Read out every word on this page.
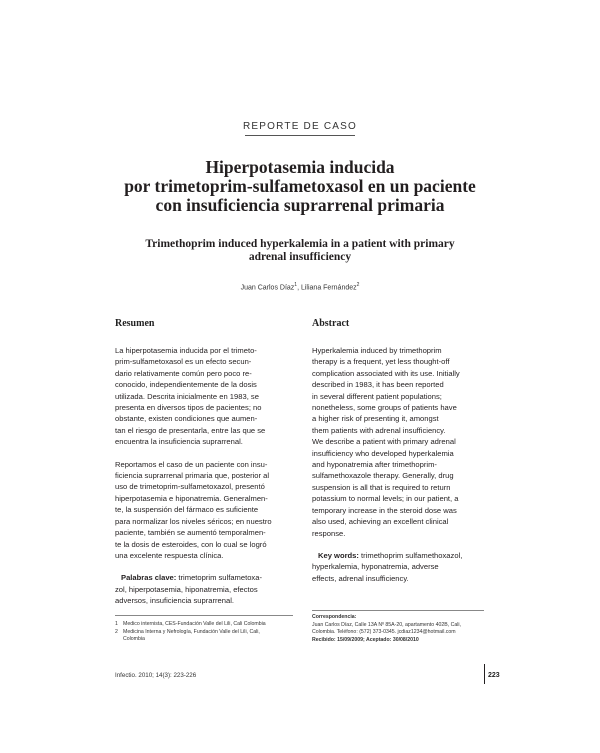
REPORTE DE CASO
Hiperpotasemia inducida
por trimetoprim-sulfametoxasol en un paciente
con insuficiencia suprarrenal primaria
Trimethoprim induced hyperkalemia in a patient with primary
adrenal insufficiency
Juan Carlos Díaz$^1$, Liliana Fernández$^2$
Resumen
La hiperpotasemia inducida por el trimeto-
prim-sulfametoxasol es un efecto secun-
dario relativamente común pero poco re-
conocido, independientemente de la dosis
utilizada. Descrita inicialmente en 1983, se
presenta en diversos tipos de pacientes; no
obstante, existen condiciones que aumen-
tan el riesgo de presentarla, entre las que se
encuentra la insuficiencia suprarrenal.
Reportamos el caso de un paciente con insu-
ficiencia suprarrenal primaria que, posterior al
uso de trimetoprim-sulfametoxazol, presentó
hiperpotasemia e hiponatremia. Generalmen-
te, la suspensión del fármaco es suficiente
para normalizar los niveles séricos; en nuestro
paciente, también se aumentó temporalmen-
te la dosis de esteroides, con lo cual se logró
una excelente respuesta clínica.
Palabras clave: trimetoprim sulfametoxa-
zol, hiperpotasemia, hiponatremia, efectos
adversos, insuficiencia suprarrenal.
Abstract
Hyperkalemia induced by trimethoprim
therapy is a frequent, yet less thought-off
complication associated with its use. Initially
described in 1983, it has been reported
in several different patient populations;
nonetheless, some groups of patients have
a higher risk of presenting it, amongst
them patients with adrenal insufficiency.
We describe a patient with primary adrenal
insufficiency who developed hyperkalemia
and hyponatremia after trimethoprim-
sulfamethoxazole therapy. Generally, drug
suspension is all that is required to return
potassium to normal levels; in our patient, a
temporary increase in the steroid dose was
also used, achieving an excellent clinical
response.
Key words: trimethoprim sulfamethoxazol,
hyperkalemia, hyponatremia, adverse
effects, adrenal insufficiency.
1 Medico internista, CES-Fundación Valle del Lili, Cali Colombia
2 Medicina Interna y Nefrología, Fundación Valle del Lili, Cali,
Colombia
Correspondencia:
Juan Carlos Díaz, Calle 13A Nº 85A-20, apartamento 402B, Cali,
Colombia. Teléfono: (572) 373-0345. jcdiaz1234@hotmail.com
Recibido: 15/09/2009; Aceptado: 30/08/2010
Infectio. 2010; 14(3): 223-226	223
